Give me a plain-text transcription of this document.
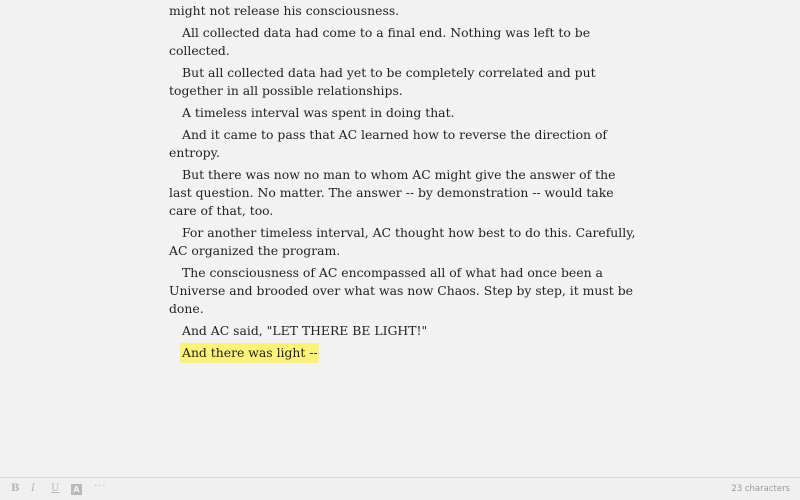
might not release his consciousness.

All collected data had come to a final end. Nothing was left to be collected.

But all collected data had yet to be completely correlated and put together in all possible relationships.

A timeless interval was spent in doing that.

And it came to pass that AC learned how to reverse the direction of entropy.

But there was now no man to whom AC might give the answer of the last question. No matter. The answer -- by demonstration -- would take care of that, too.

For another timeless interval, AC thought how best to do this. Carefully, AC organized the program.

The consciousness of AC encompassed all of what had once been a Universe and brooded over what was now Chaos. Step by step, it must be done.

And AC said, "LET THERE BE LIGHT!"

And there was light --

B I U A ···	23 characters
